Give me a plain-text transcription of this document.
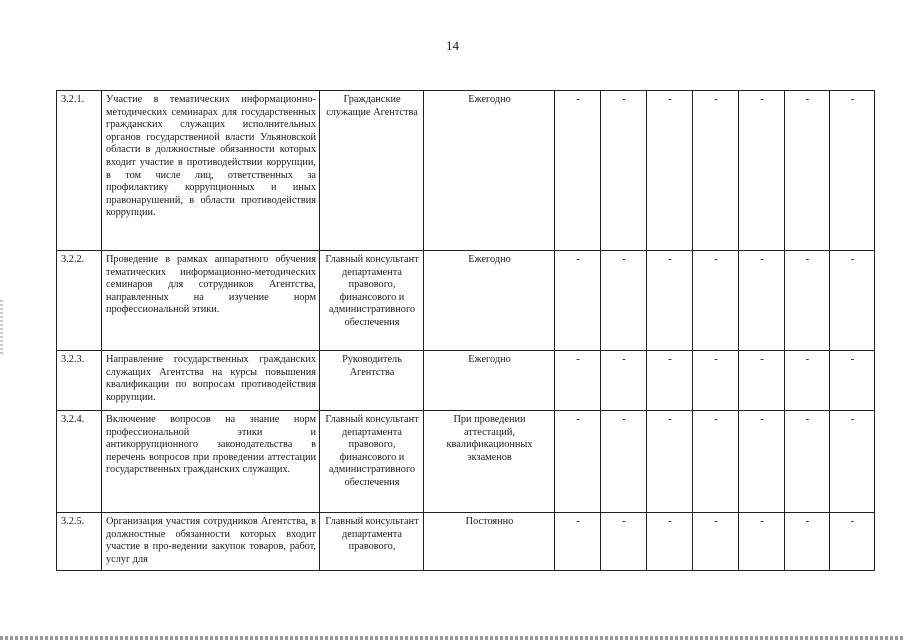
14
3.2.1.	Участие в тематических информационно-методических семинарах для государственных гражданских служащих исполнительных органов государственной власти Ульяновской области в должностные обязанности которых входит участие в противодействии коррупции, в том числе лиц, ответственных за профилактику коррупционных и иных правонарушений, в области противодействия коррупции.	Гражданские служащие Агентства	Ежегодно	-	-	-	-	-	-	-
3.2.2.	Проведение в рамках аппаратного обучения тематических информационно-методических семинаров для сотрудников Агентства, направленных на изучение норм профессиональной этики.	Главный консультант департамента правового, финансового и административного обеспечения	Ежегодно	-	-	-	-	-	-	-
3.2.3.	Направление государственных гражданских служащих Агентства на курсы повышения квалификации по вопросам противодействия коррупции.	Руководитель Агентства	Ежегодно	-	-	-	-	-	-	-
3.2.4.	Включение вопросов на знание норм профессиональной этики и антикоррупционного законодательства в перечень вопросов при проведении аттестации государственных гражданских служащих.	Главный консультант департамента правового, финансового и административного обеспечения	При проведении аттестаций, квалификационных экзаменов	-	-	-	-	-	-	-
3.2.5.	Организация участия сотрудников Агентства, в должностные обязанности которых входит участие в про-ведении закупок товаров, работ, услуг для	Главный консультант департамента правового,	Постоянно	-	-	-	-	-	-	-
